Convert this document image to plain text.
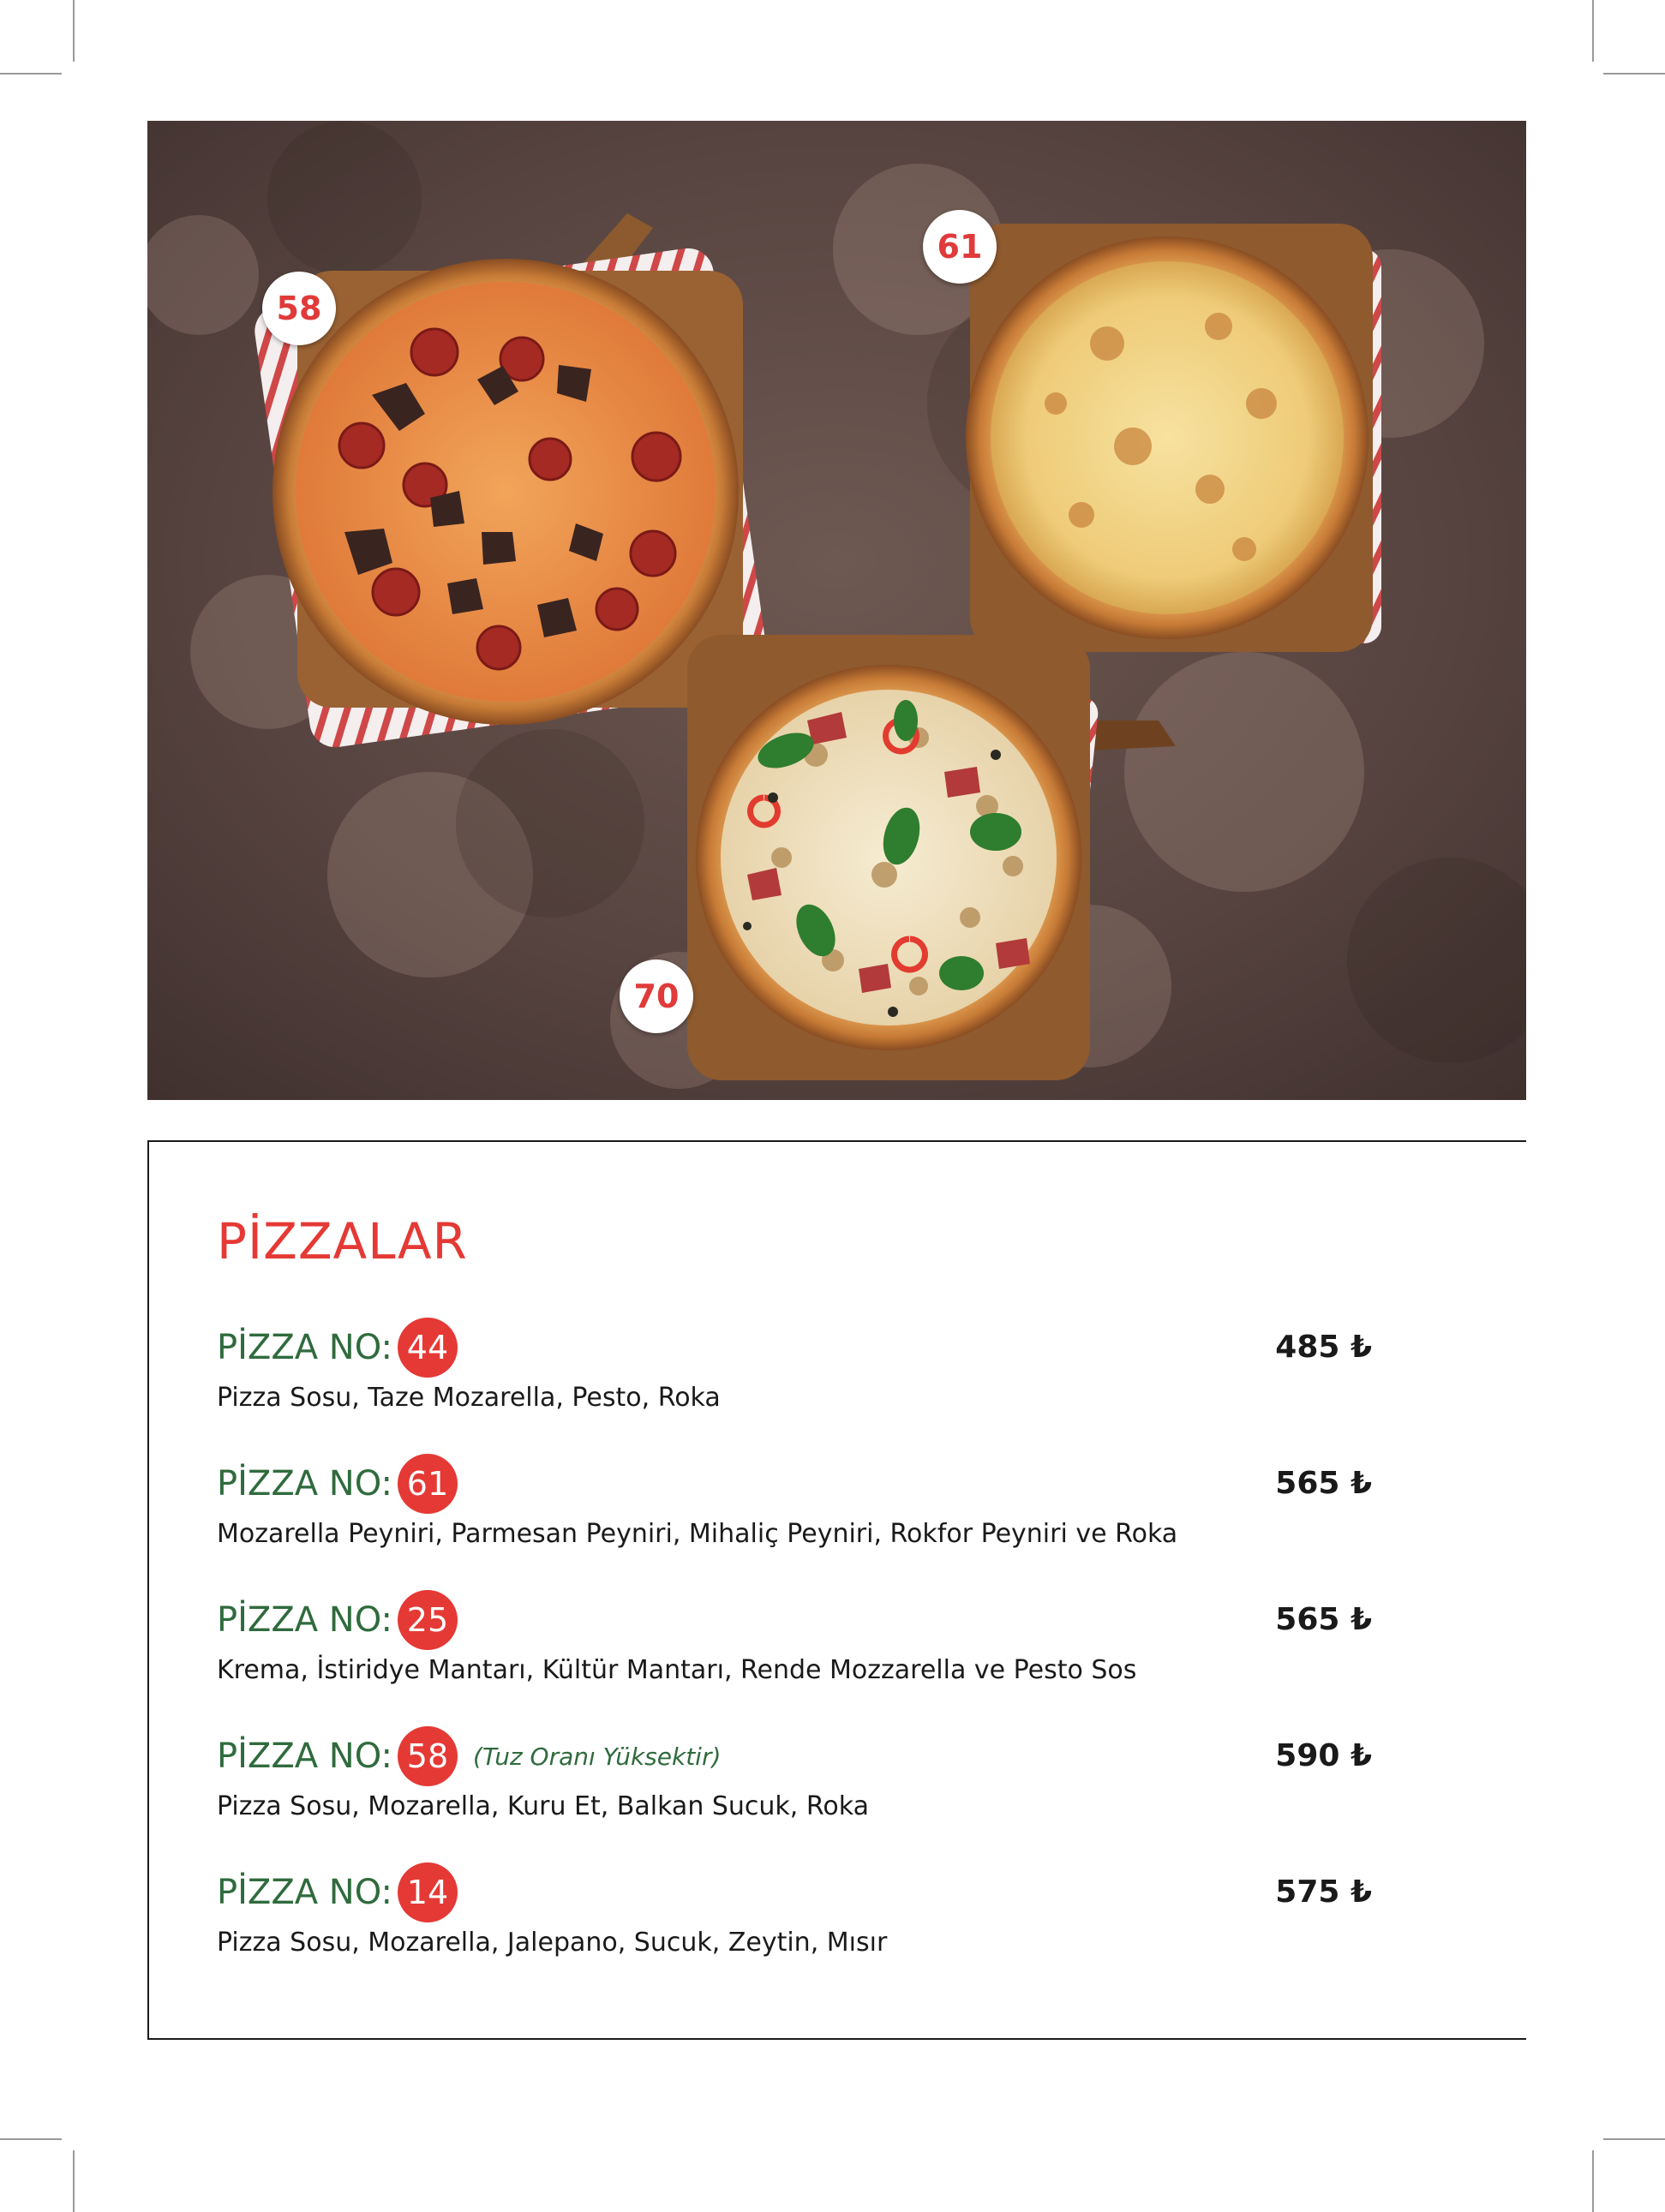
58
61
70
PİZZALAR
PİZZA NO: 44	485 ₺
Pizza Sosu, Taze Mozarella, Pesto, Roka
PİZZA NO: 61	565 ₺
Mozarella Peyniri, Parmesan Peyniri, Mihaliç Peyniri, Rokfor Peyniri ve Roka
PİZZA NO: 25	565 ₺
Krema, İstiridye Mantarı, Kültür Mantarı, Rende Mozzarella ve Pesto Sos
PİZZA NO: 58	(Tuz Oranı Yüksektir)	590 ₺
Pizza Sosu, Mozarella, Kuru Et, Balkan Sucuk, Roka
PİZZA NO: 14	575 ₺
Pizza Sosu, Mozarella, Jalepano, Sucuk, Zeytin, Mısır
